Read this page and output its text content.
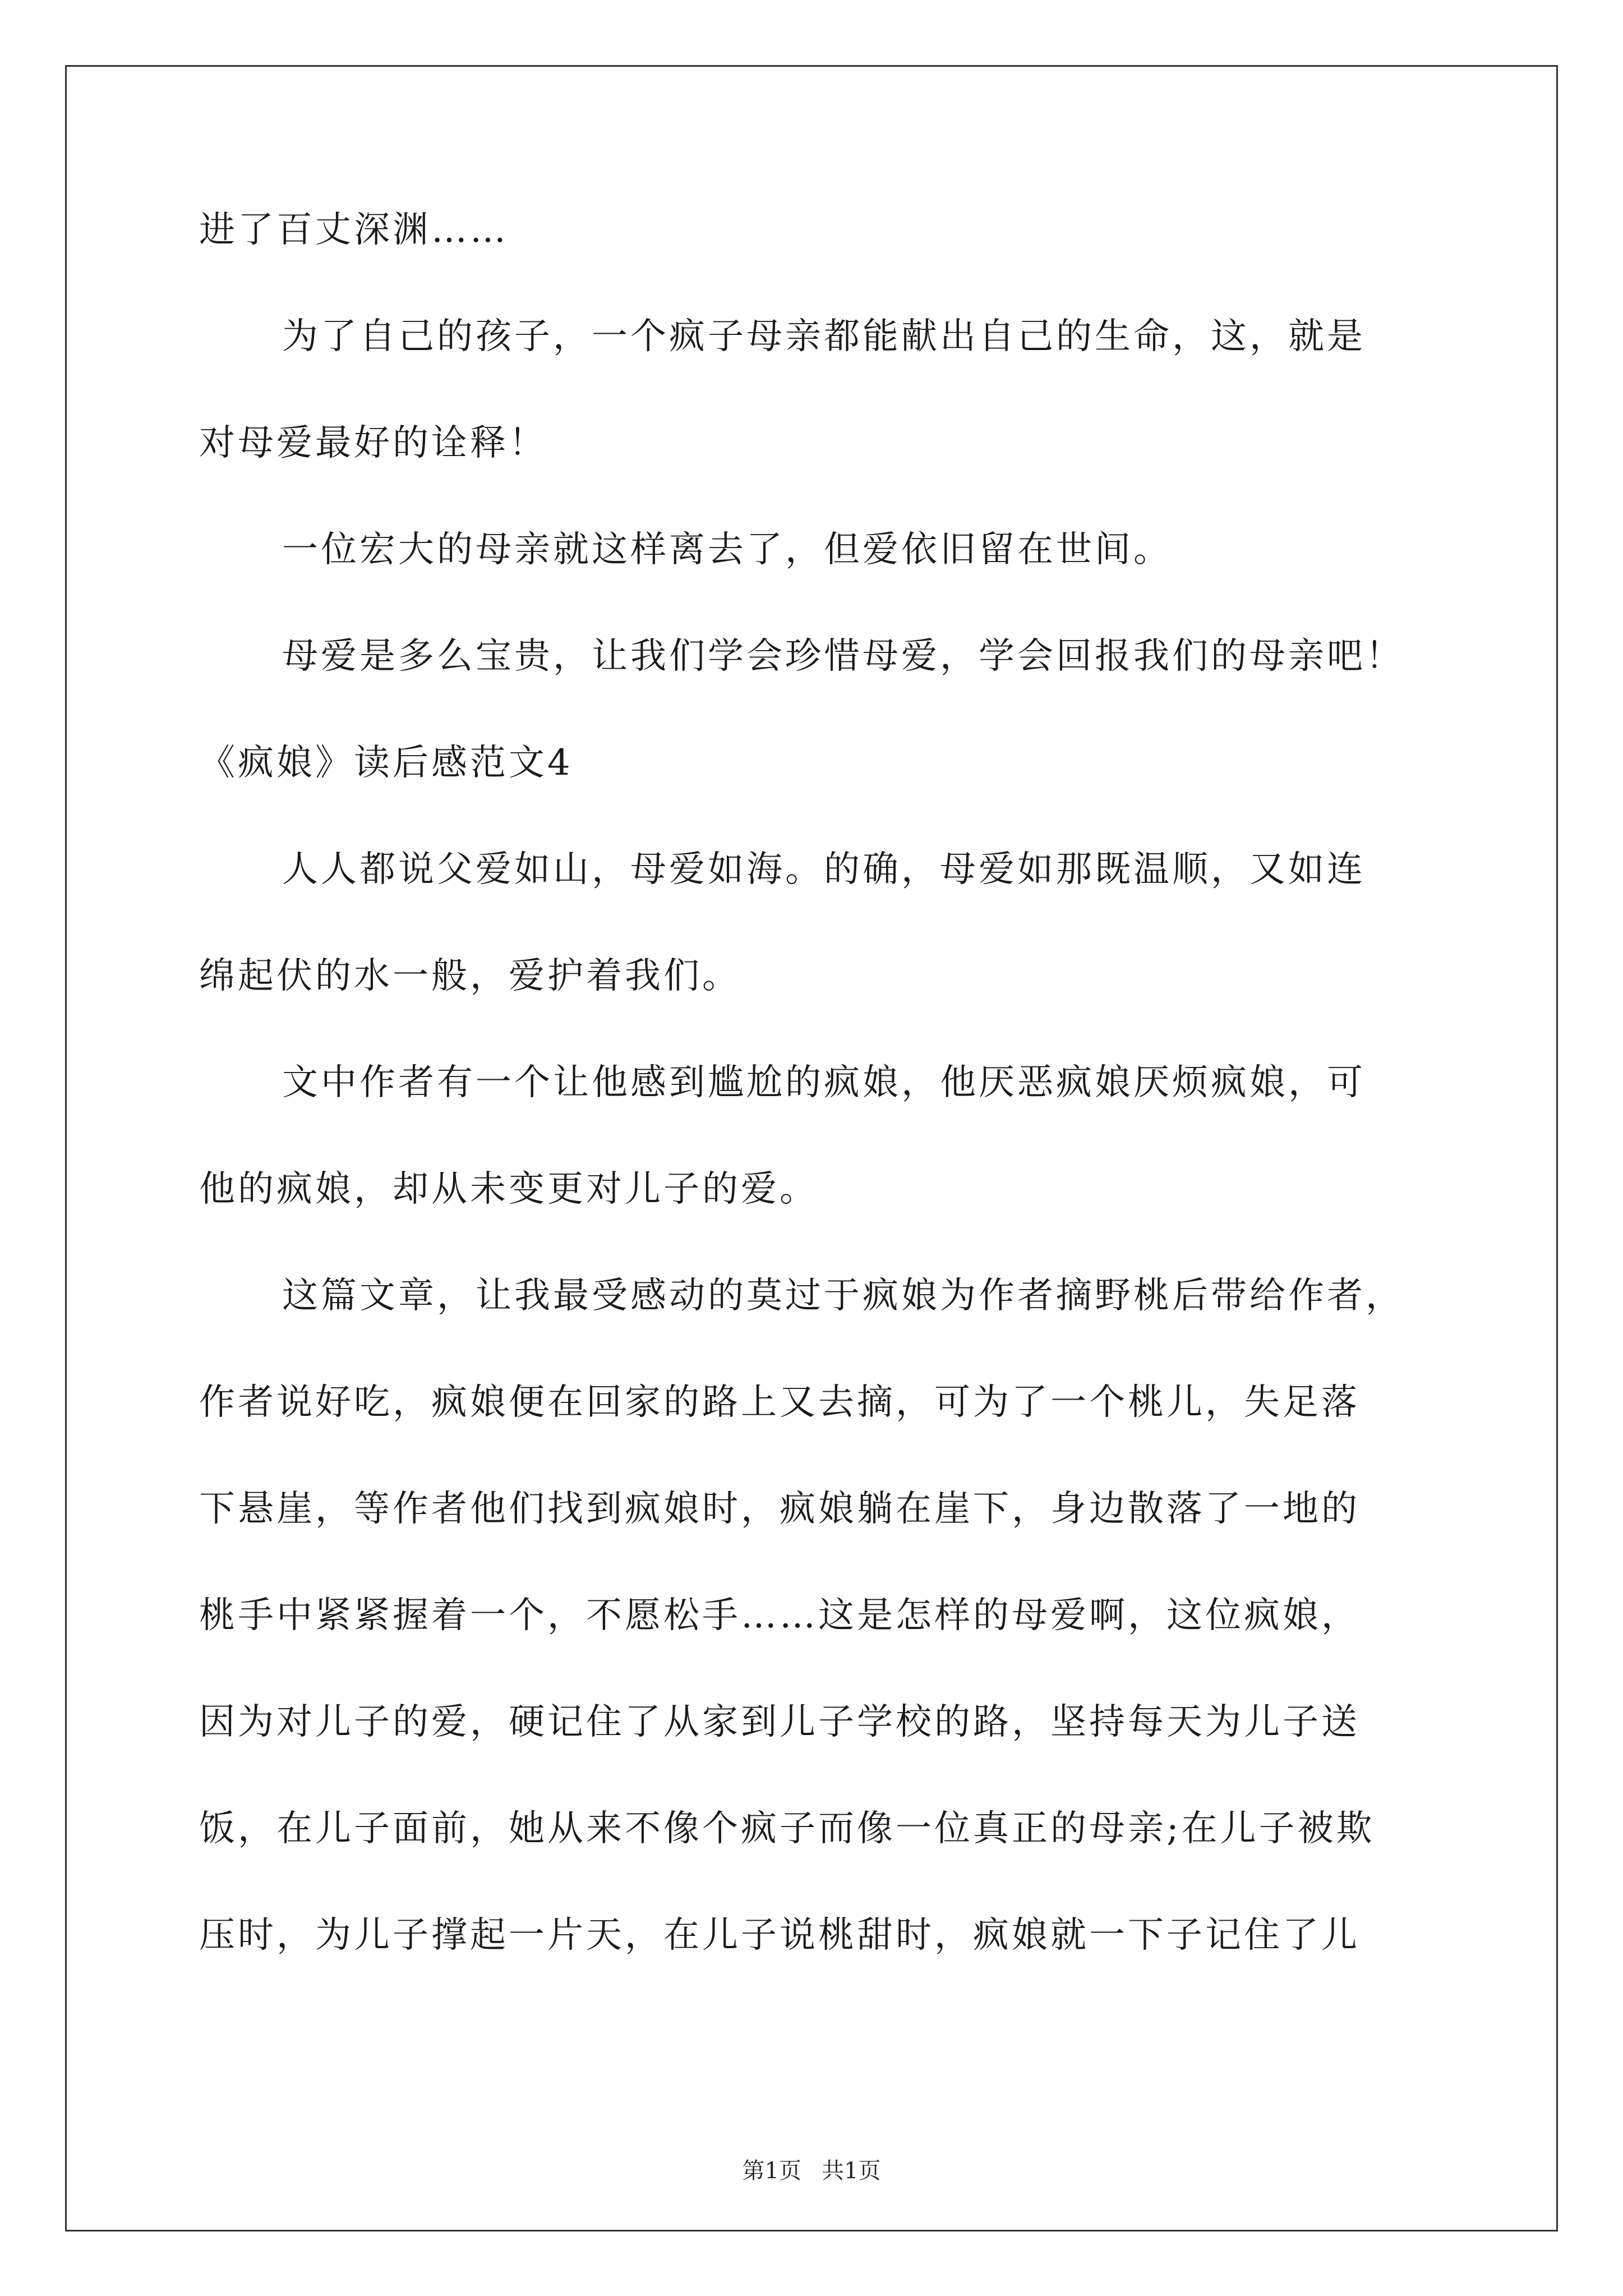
进了百丈深渊……
为了自己的孩子，一个疯子母亲都能献出自己的生命，这，就是
对母爱最好的诠释！
一位宏大的母亲就这样离去了，但爱依旧留在世间。
母爱是多么宝贵，让我们学会珍惜母爱，学会回报我们的母亲吧！
《疯娘》读后感范文4
人人都说父爱如山，母爱如海。的确，母爱如那既温顺，又如连
绵起伏的水一般，爱护着我们。
文中作者有一个让他感到尴尬的疯娘，他厌恶疯娘厌烦疯娘，可
他的疯娘，却从未变更对儿子的爱。
这篇文章，让我最受感动的莫过于疯娘为作者摘野桃后带给作者，
作者说好吃，疯娘便在回家的路上又去摘，可为了一个桃儿，失足落
下悬崖，等作者他们找到疯娘时，疯娘躺在崖下，身边散落了一地的
桃手中紧紧握着一个，不愿松手……这是怎样的母爱啊，这位疯娘，
因为对儿子的爱，硬记住了从家到儿子学校的路，坚持每天为儿子送
饭，在儿子面前，她从来不像个疯子而像一位真正的母亲;在儿子被欺
压时，为儿子撑起一片天，在儿子说桃甜时，疯娘就一下子记住了儿
第1页 共1页
